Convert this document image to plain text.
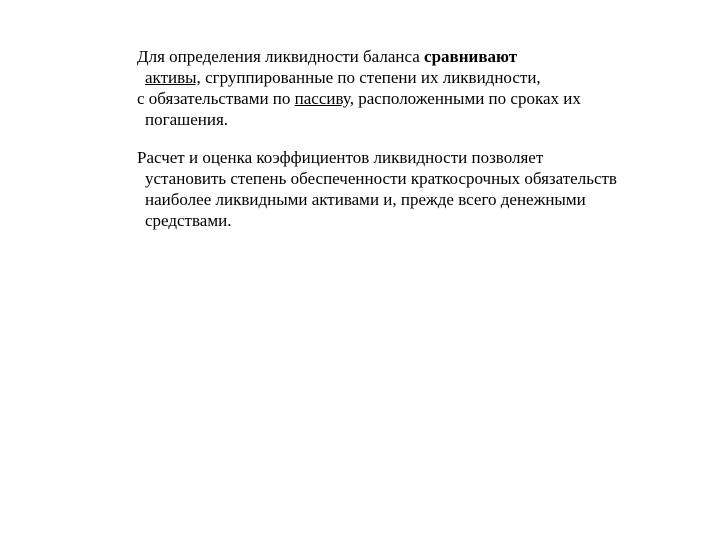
Для определения ликвидности баланса сравнивают
активы, сгруппированные по степени их ликвидности,

с обязательствами по пассиву, расположенными по сроках их погашения.

Расчет и оценка коэффициентов ликвидности позволяет установить степень обеспеченности краткосрочных обязательств наиболее ликвидными активами и, прежде всего денежными средствами.
